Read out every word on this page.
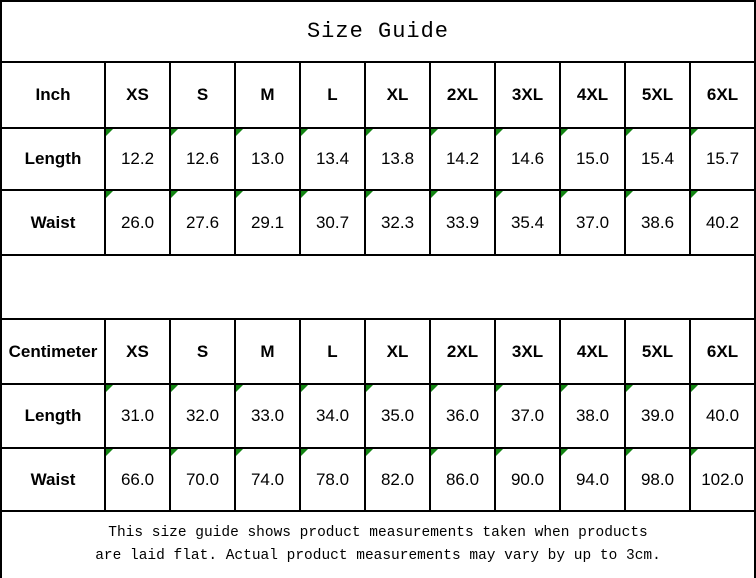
Size Guide										
Inch	XS	S	M	L	XL	2XL	3XL	4XL	5XL	6XL
Length	12.2	12.6	13.0	13.4	13.8	14.2	14.6	15.0	15.4	15.7
Waist	26.0	27.6	29.1	30.7	32.3	33.9	35.4	37.0	38.6	40.2

Centimeter	XS	S	M	L	XL	2XL	3XL	4XL	5XL	6XL
Length	31.0	32.0	33.0	34.0	35.0	36.0	37.0	38.0	39.0	40.0
Waist	66.0	70.0	74.0	78.0	82.0	86.0	90.0	94.0	98.0	102.0

This size guide shows product measurements taken when products
are laid flat. Actual product measurements may vary by up to 3cm.										
